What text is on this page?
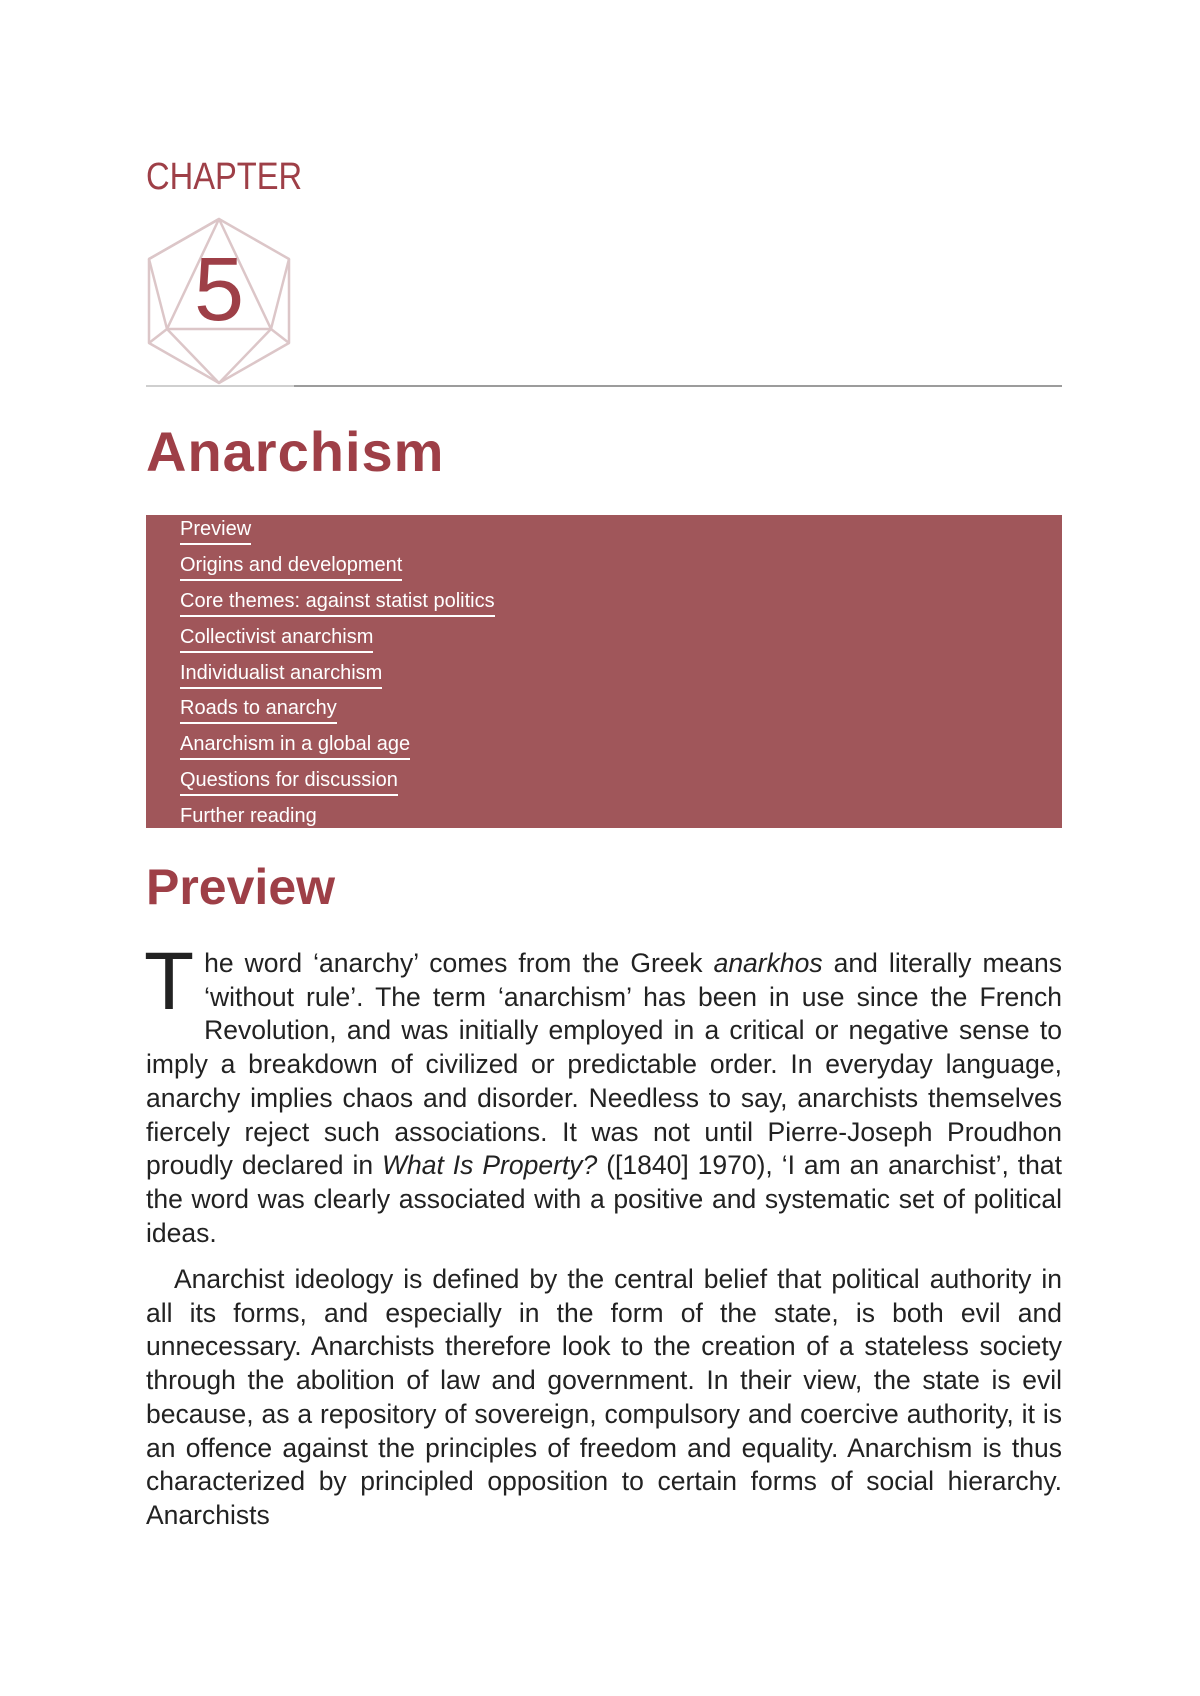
CHAPTER
5
Anarchism
Preview
Origins and development
Core themes: against statist politics
Collectivist anarchism
Individualist anarchism
Roads to anarchy
Anarchism in a global age
Questions for discussion
Further reading
Preview

The word ‘anarchy’ comes from the Greek anarkhos and literally means ‘without rule’. The term ‘anarchism’ has been in use since the French Revolution, and was initially employed in a critical or negative sense to imply a breakdown of civilized or predictable order. In everyday language, anarchy implies chaos and disorder. Needless to say, anarchists themselves fiercely reject such associations. It was not until Pierre-Joseph Proudhon proudly declared in What Is Property? ([1840] 1970), ‘I am an anarchist’, that the word was clearly associated with a positive and systematic set of political ideas.

Anarchist ideology is defined by the central belief that political authority in all its forms, and especially in the form of the state, is both evil and unnecessary. Anarchists therefore look to the creation of a stateless society through the abolition of law and government. In their view, the state is evil because, as a repository of sovereign, compulsory and coercive authority, it is an offence against the principles of freedom and equality. Anarchism is thus characterized by principled opposition to certain forms of social hierarchy. Anarchists
